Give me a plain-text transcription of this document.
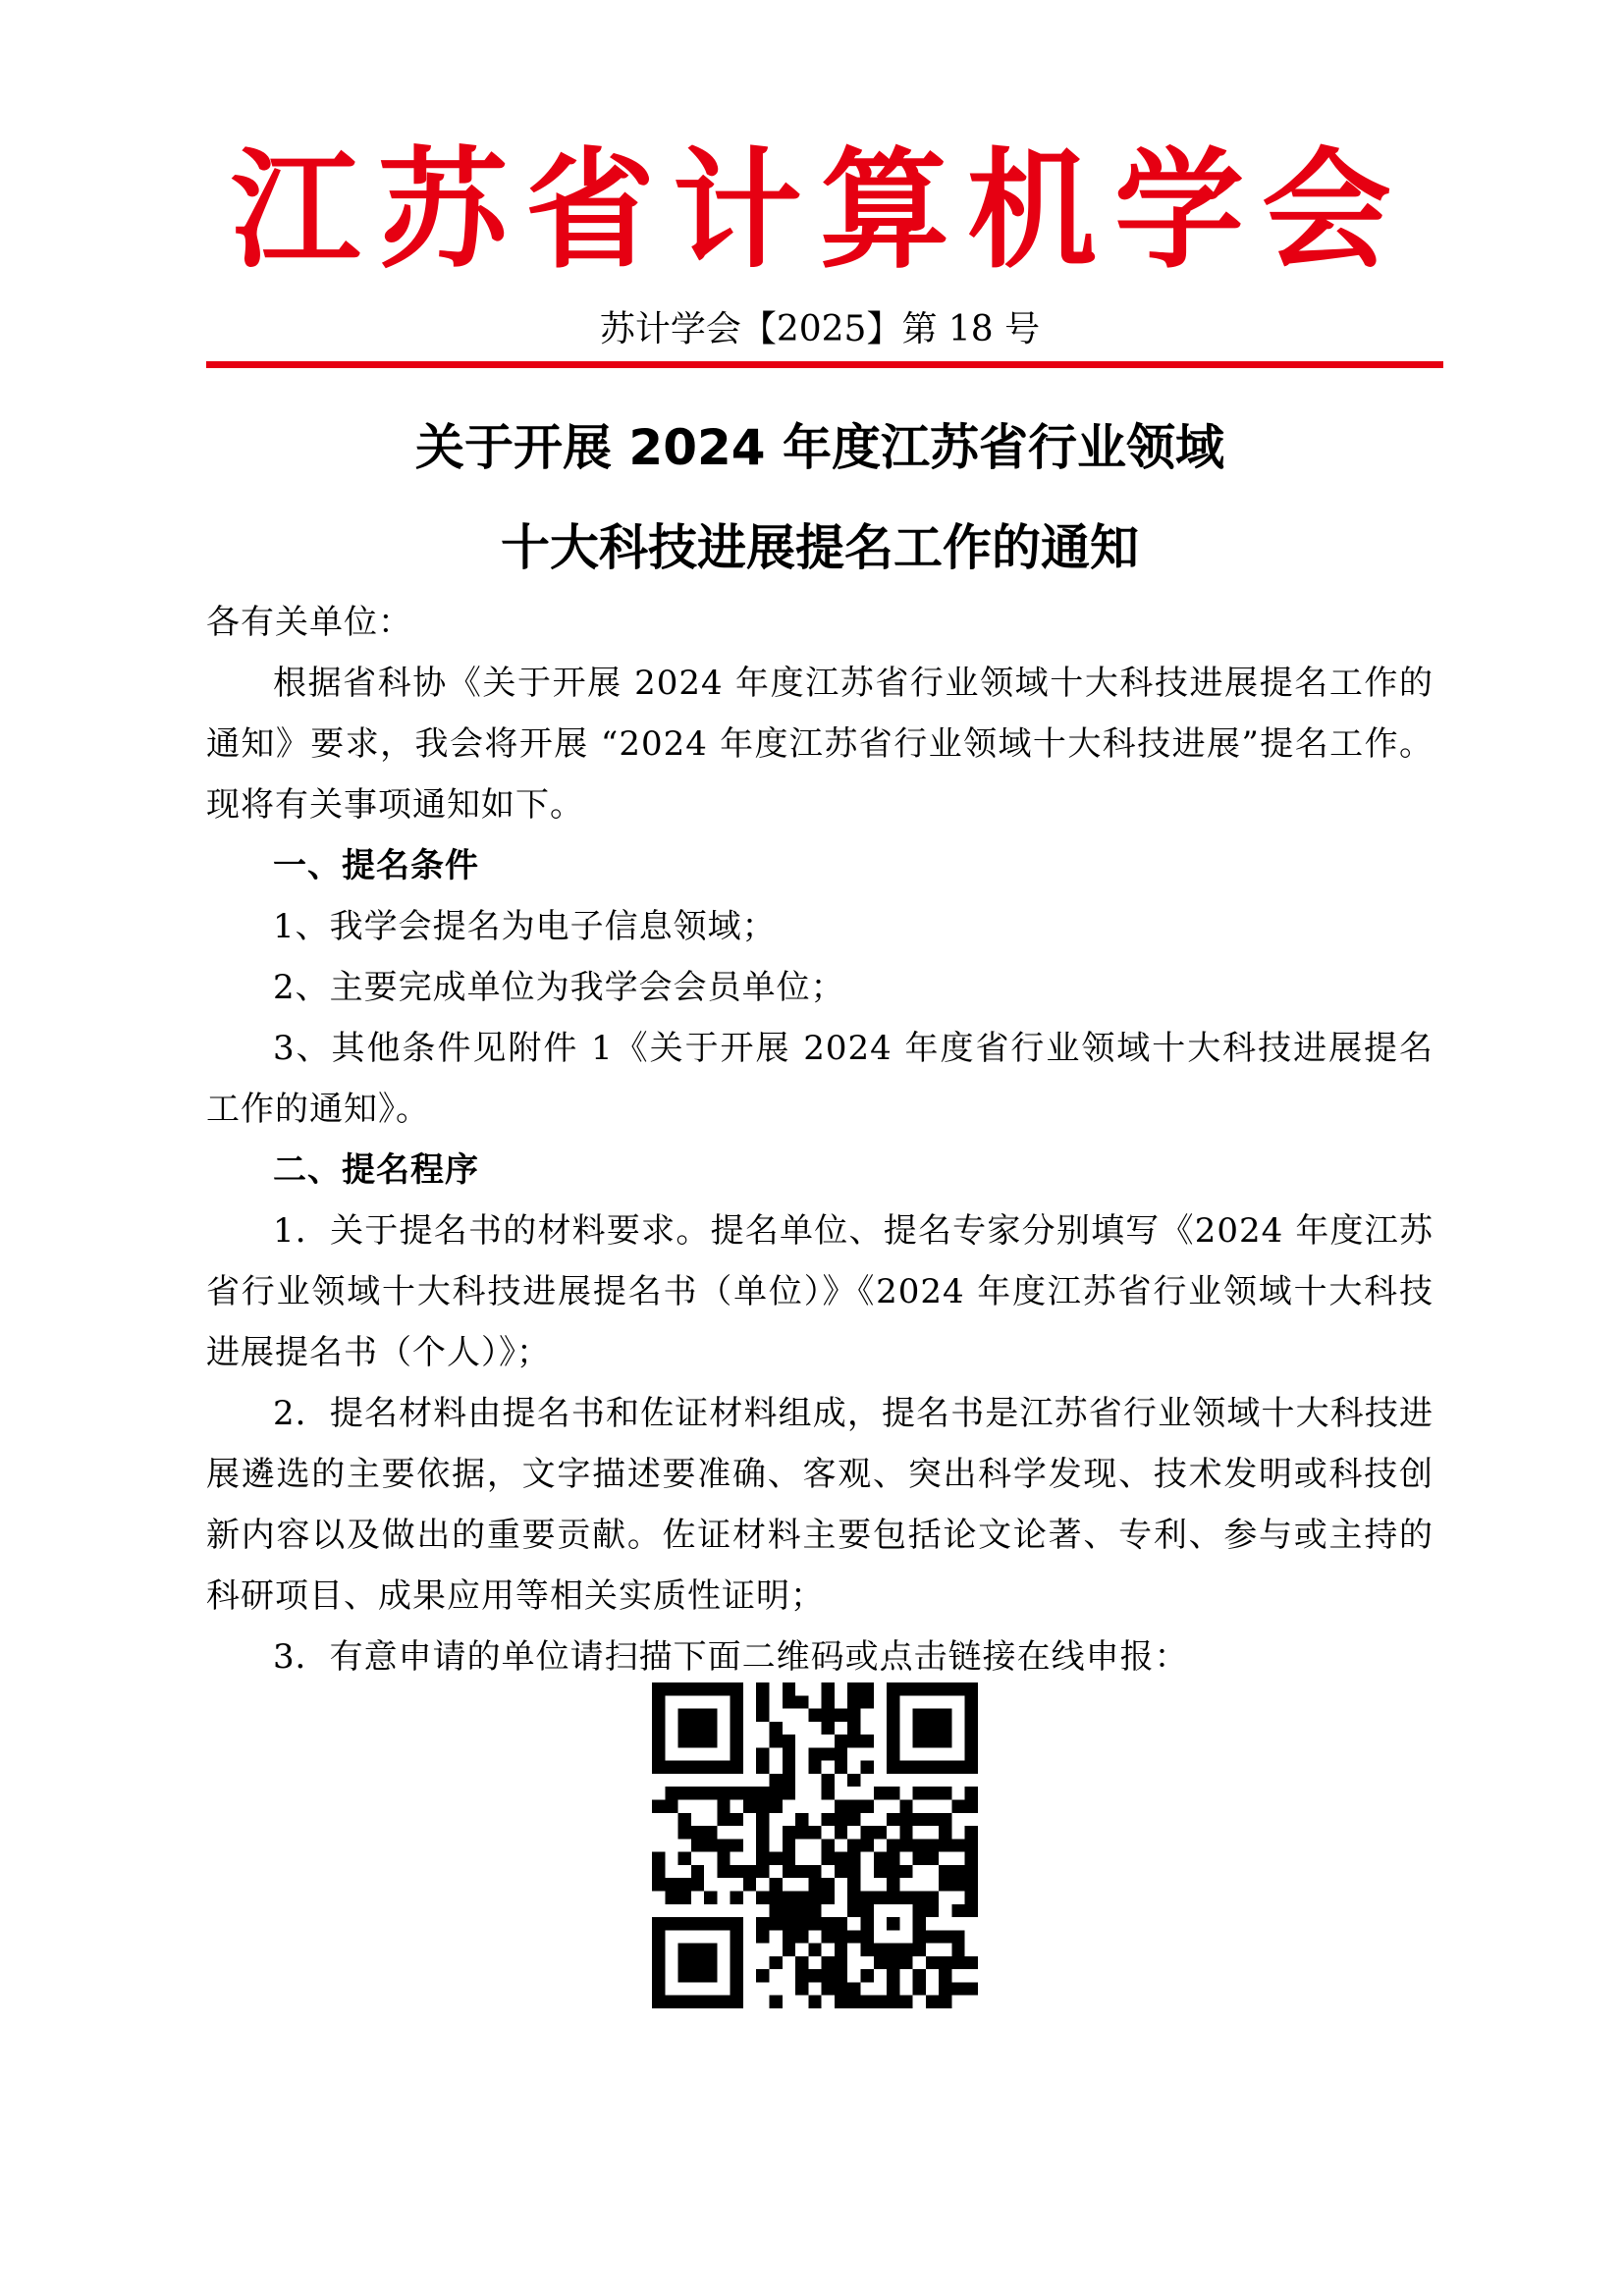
江苏省计算机学会
苏计学会【2025】第 18 号
关于开展 2024 年度江苏省行业领域
十大科技进展提名工作的通知

各有关单位：

根据省科协《关于开展 2024 年度江苏省行业领域十大科技进展提名工作的通知》要求，我会将开展 “2024 年度江苏省行业领域十大科技进展”提名工作。现将有关事项通知如下。

一、提名条件

1、我学会提名为电子信息领域；

2、主要完成单位为我学会会员单位；

3、其他条件见附件 1《关于开展 2024 年度省行业领域十大科技进展提名工作的通知》。

二、提名程序

1．关于提名书的材料要求。提名单位、提名专家分别填写《2024 年度江苏省行业领域十大科技进展提名书（单位）》《2024 年度江苏省行业领域十大科技进展提名书（个人）》；

2．提名材料由提名书和佐证材料组成，提名书是江苏省行业领域十大科技进展遴选的主要依据，文字描述要准确、客观、突出科学发现、技术发明或科技创新内容以及做出的重要贡献。佐证材料主要包括论文论著、专利、参与或主持的科研项目、成果应用等相关实质性证明；

3．有意申请的单位请扫描下面二维码或点击链接在线申报：
